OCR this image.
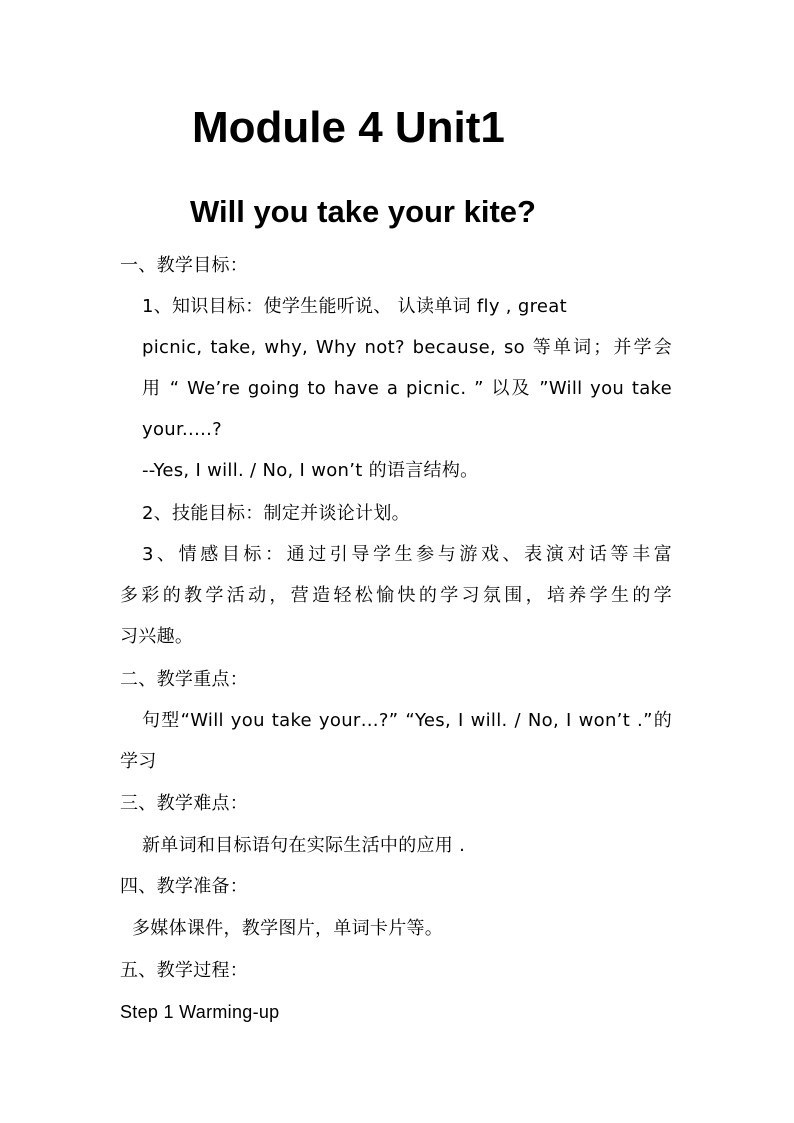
Module 4 Unit1
Will you take your kite?
一、教学目标：
1、知识目标：使学生能听说、 认读单词 fly , great
picnic, take, why, Why not? because, so 等单词；并学会
用 “ We’re going to have a picnic. ” 以及 ”Will you take
your.....?
--Yes, I will. / No, I won’t 的语言结构。
2、技能目标：制定并谈论计划。
3、情感目标：通过引导学生参与游戏、表演对话等丰富
多彩的教学活动，营造轻松愉快的学习氛围，培养学生的学
习兴趣。
二、教学重点：
句型“Will you take your…?” “Yes, I will. / No, I won’t .”的
学习
三、教学难点：
新单词和目标语句在实际生活中的应用 .
四、教学准备：
多媒体课件，教学图片，单词卡片等。
五、教学过程：
Step 1 Warming-up
